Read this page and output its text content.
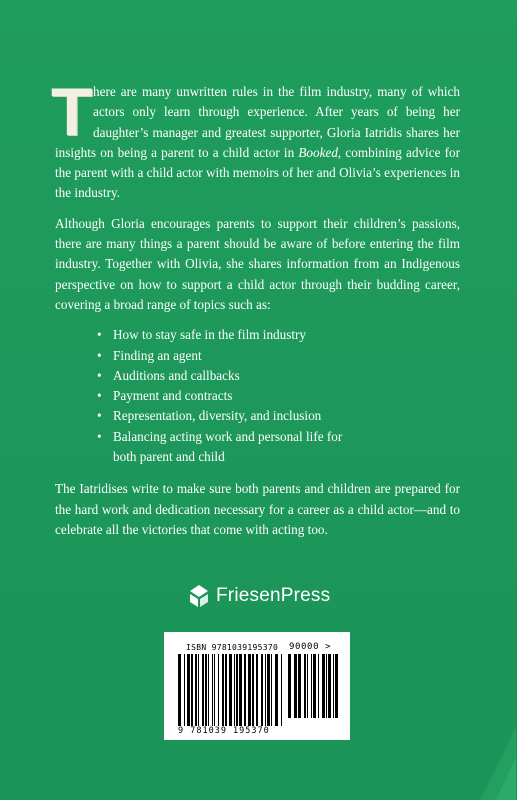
There are many unwritten rules in the film industry, many of which actors only learn through experience. After years of being her daughter’s manager and greatest supporter, Gloria Iatridis shares her insights on being a parent to a child actor in Booked, combining advice for the parent with a child actor with memoirs of her and Olivia’s experiences in the industry.

Although Gloria encourages parents to support their children’s passions, there are many things a parent should be aware of before entering the film industry. Together with Olivia, she shares information from an Indigenous perspective on how to support a child actor through their budding career, covering a broad range of topics such as:

• How to stay safe in the film industry
• Finding an agent
• Auditions and callbacks
• Payment and contracts
• Representation, diversity, and inclusion
• Balancing acting work and personal life for both parent and child

The Iatridises write to make sure both parents and children are prepared for the hard work and dedication necessary for a career as a child actor—and to celebrate all the victories that come with acting too.

FriesenPress
ISBN 9781039195370 90000 >
9 781039 195370
